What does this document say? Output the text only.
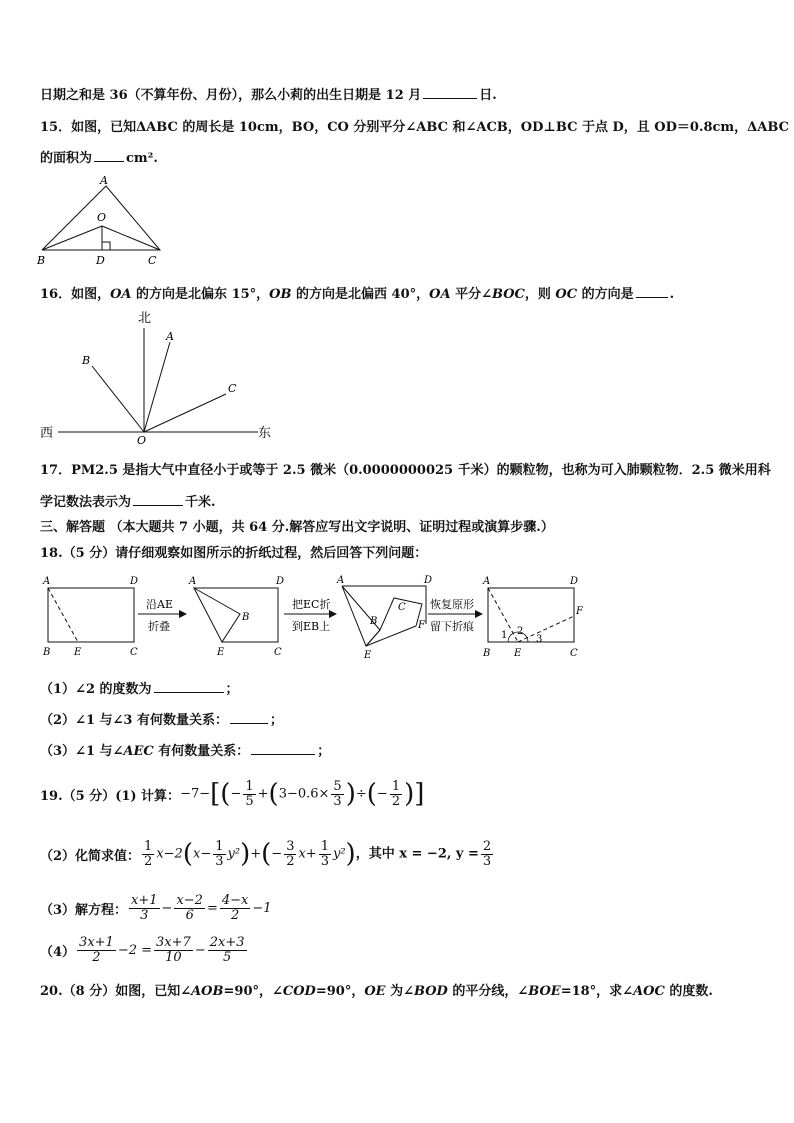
日期之和是 36（不算年份、月份），那么小莉的出生日期是 12 月	日.
15．如图，已知ΔABC 的周长是 10cm，BO，CO 分别平分∠ABC 和∠ACB，OD⊥BC 于点 D，且 OD＝0.8cm，ΔABC
的面积为	cm².
A
O
B	D	C
16．如图，OA 的方向是北偏东 15°，OB 的方向是北偏西 40°，OA 平分∠BOC，则 OC 的方向是	.
北
西	东
A
B
C
O
17．PM2.5 是指大气中直径小于或等于 2.5 微米（0.0000000025 千米）的颗粒物，也称为可入肺颗粒物．2.5 微米用科
学记数法表示为	千米.
三、解答题 （本大题共 7 小题，共 64 分.解答应写出文字说明、证明过程或演算步骤.）
18.（5 分）请仔细观察如图所示的折纸过程，然后回答下列问题：
A	D
B E	C
沿AE
折叠
A	D
B
E	C
把EC折
到EB上
A	D
B
C
F
E
恢复原形
留下折痕
A	D
F
B E	C
1 2
3
（1）∠2 的度数为	；
（2）∠1 与∠3 有何数量关系：	；
（3）∠1 与∠AEC 有何数量关系：	；
19.（5 分）(1) 计算： $-7-[(- \frac{1}{5} +(3-0.6\times \frac{5}{3}$ )÷(− $\frac{1}{2}$ )]
（2）化简求值： $\frac{1}{2} x-2(x- \frac{1}{3} y^2)+(- \frac{3}{2} x+ \frac{1}{3} y^2)$，其中 x = −2, $y = \frac{2}{3}$
（3）解方程： $\frac{x+1}{3} - \frac{x-2}{6} = \frac{4-x}{2} -1$
$(4) \frac{3x+1}{2} -2 = \frac{3x+7}{10} - \frac{2x+3}{5}$
20.（8 分）如图，已知∠AOB=90°，∠COD=90°，OE 为∠BOD 的平分线，∠BOE=18°，求∠AOC 的度数.
